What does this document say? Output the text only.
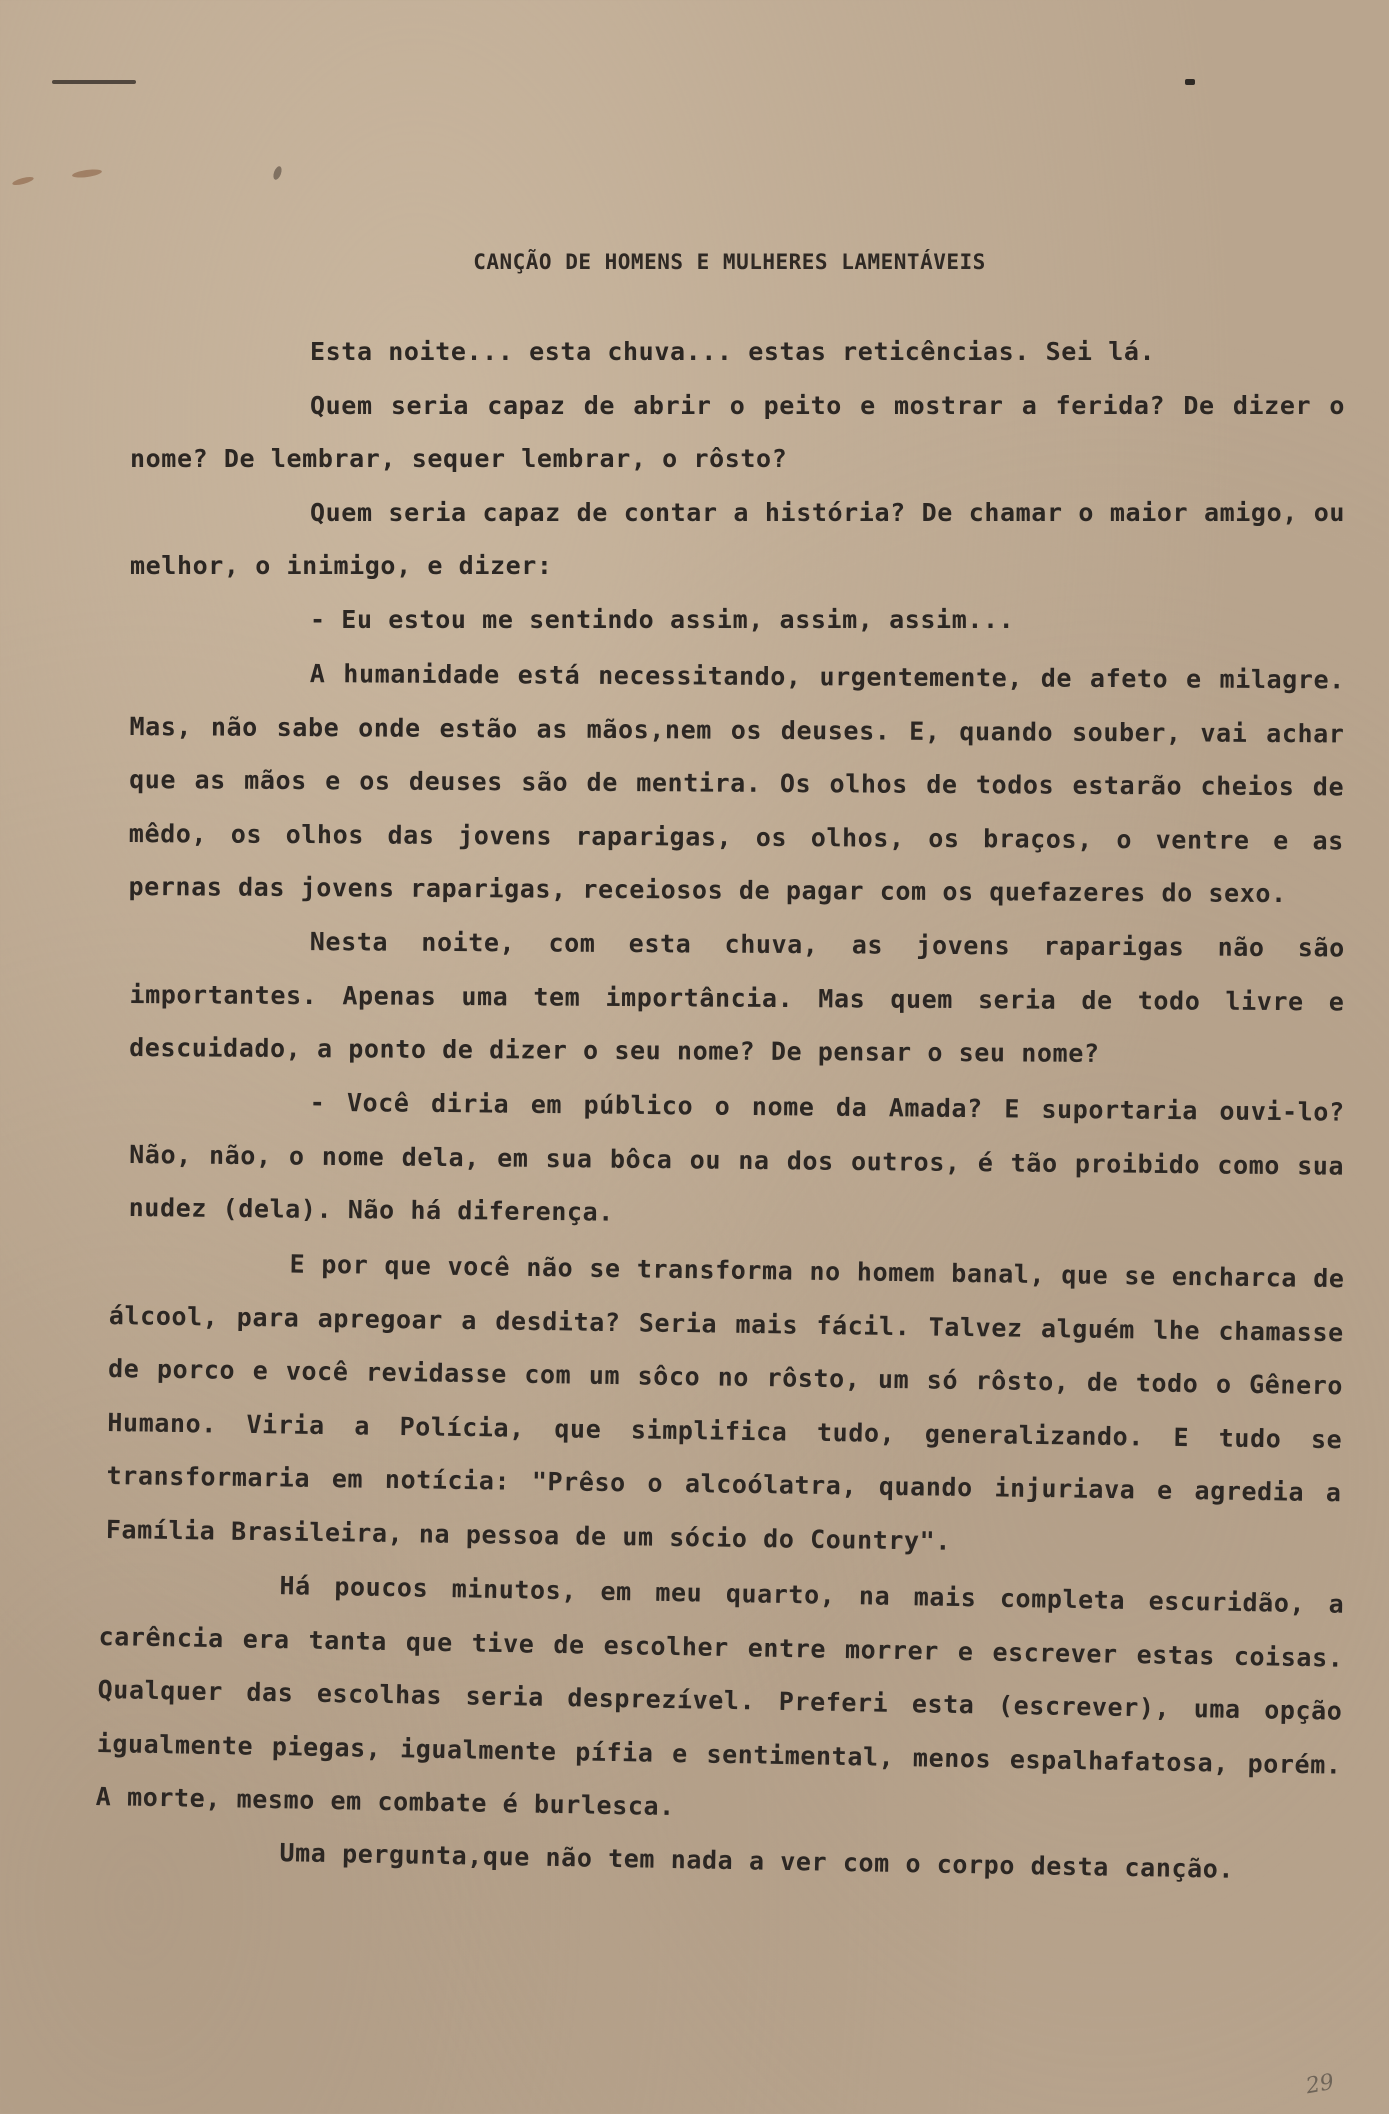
CANÇÃO DE HOMENS E MULHERES LAMENTÁVEIS

Esta noite... esta chuva... estas reticências. Sei lá.

Quem seria capaz de abrir o peito e mostrar a ferida? De dizer o nome? De lembrar, sequer lembrar, o rôsto?

Quem seria capaz de contar a história? De chamar o maior amigo, ou melhor, o inimigo, e dizer:

- Eu estou me sentindo assim, assim, assim...

A humanidade está necessitando, urgentemente, de afeto e milagre. Mas, não sabe onde estão as mãos,nem os deuses. E, quando souber, vai achar que as mãos e os deuses são de mentira. Os olhos de todos estarão cheios de mêdo, os olhos das jovens raparigas, os olhos, os braços, o ventre e as pernas das jovens raparigas, receiosos de pagar com os quefazeres do sexo.

Nesta noite, com esta chuva, as jovens raparigas não são importantes. Apenas uma tem importância. Mas quem seria de todo livre e descuidado, a ponto de dizer o seu nome? De pensar o seu nome?

- Você diria em público o nome da Amada? E suportaria ouvi-lo? Não, não, o nome dela, em sua bôca ou na dos outros, é tão proibido como sua nudez (dela). Não há diferença.

E por que você não se transforma no homem banal, que se encharca de álcool, para apregoar a desdita? Seria mais fácil. Talvez alguém lhe chamasse de porco e você revidasse com um sôco no rôsto, um só rôsto, de todo o Gênero Humano. Viria a Polícia, que simplifica tudo, generalizando. E tudo se transformaria em notícia: "Prêso o alcoólatra, quando injuriava e agredia a Família Brasileira, na pessoa de um sócio do Country".

Há poucos minutos, em meu quarto, na mais completa escuridão, a carência era tanta que tive de escolher entre morrer e escrever estas coisas. Qualquer das escolhas seria desprezível. Preferi esta (escrever), uma opção igualmente piegas, igualmente pífia e sentimental, menos espalhafatosa, porém. A morte, mesmo em combate é burlesca.

Uma pergunta,que não tem nada a ver com o corpo desta canção.

29
